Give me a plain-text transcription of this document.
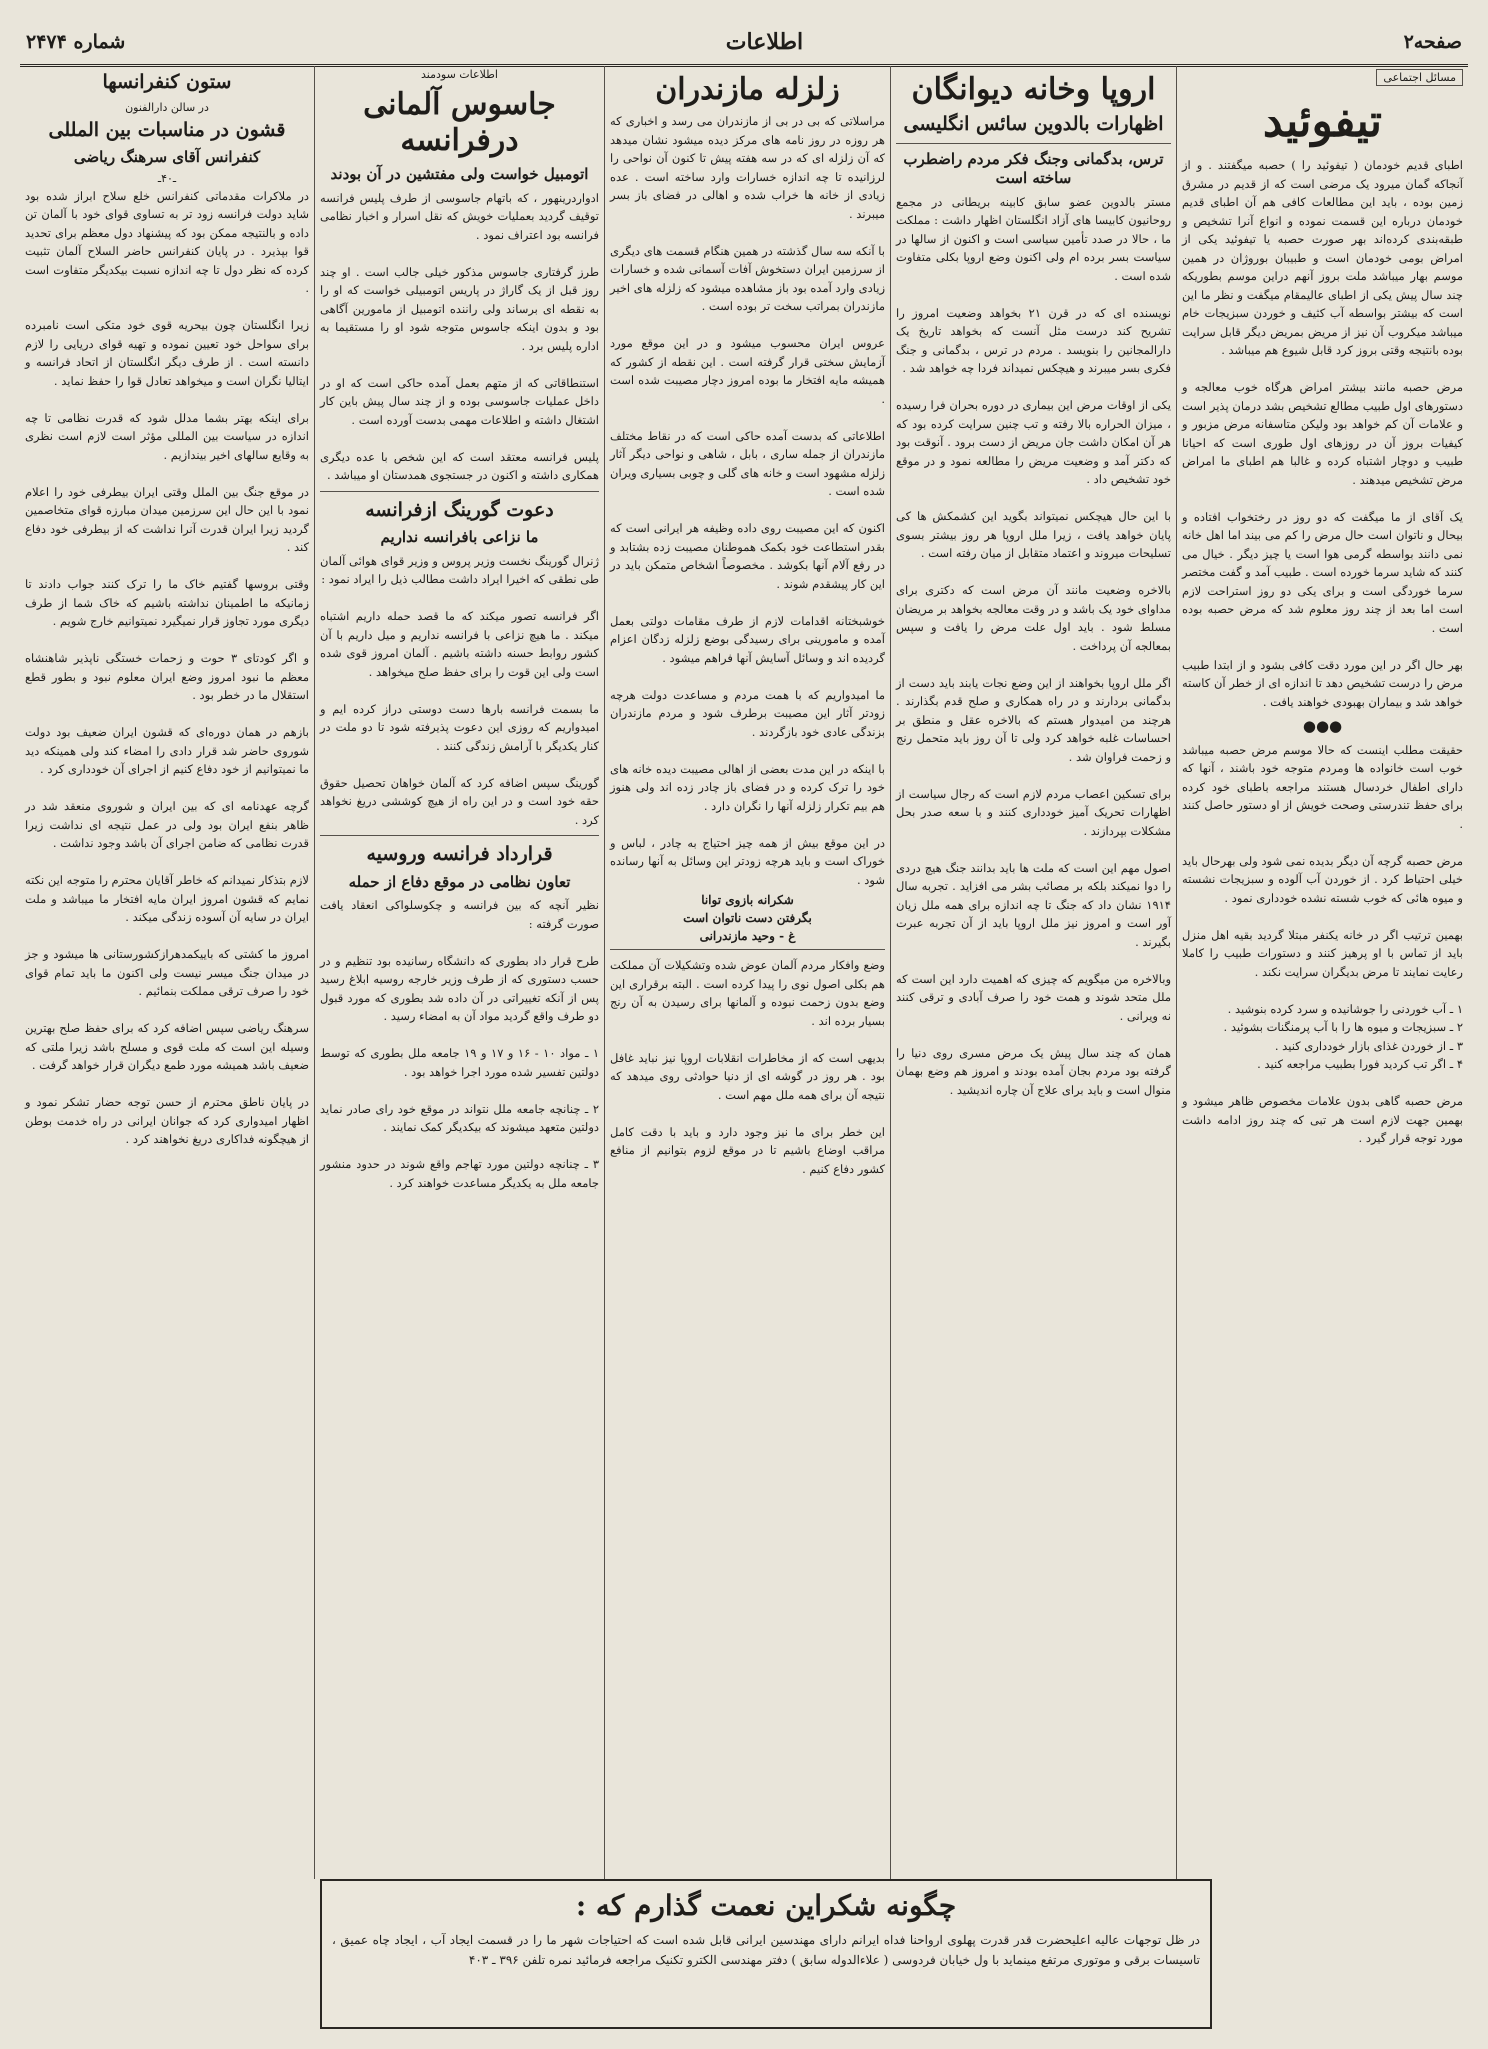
صفحه۲
اطلاعات
شماره ۲۴۷۴
مسائل اجتماعی
تیفوئید

اطبای قدیم خودمان ( تیفوئید را ) حصبه میگفتند . و از آنجاکه گمان میرود یک مرضی است که از قدیم در مشرق زمین بوده ، باید این مطالعات کافی هم آن اطبای قدیم خودمان درباره این قسمت نموده و انواع آنرا تشخیص و طبقه‌بندی کرده‌اند بهر صورت حصبه یا تیفوئید یکی از امراض بومی خودمان است و طبیبان بوروژان در همین موسم بهار میباشد ملت بروز آنهم دراین موسم بطوریکه چند سال پیش یکی از اطبای عالیمقام میگفت و نظر ما این است که بیشتر بواسطه آب کثیف و خوردن سبزیجات خام میباشد میکروب آن نیز از مریض بمریض دیگر قابل سرایت بوده بانتیجه وقتی بروز کرد قابل شیوع هم میباشد .

مرض حصبه مانند بیشتر امراض هرگاه خوب معالجه و دستورهای اول طبیب مطالع تشخیص بشد درمان پذیر است و علامات آن کم خواهد بود ولیکن متاسفانه مرض مزبور و کیفیات بروز آن در روزهای اول طوری است که احیانا طبیب و دوچار اشتباه کرده و غالبا هم اطبای ما امراض مرض تشخیص میدهند .

یک آقای از ما میگفت که دو روز در رختخواب افتاده و بیحال و ناتوان است حال مرض را کم می بیند اما اهل خانه نمی دانند بواسطه گرمی هوا است یا چیز دیگر . خیال می کنند که شاید سرما خورده است . طبیب آمد و گفت مختصر سرما خوردگی است و برای یکی دو روز استراحت لازم است اما بعد از چند روز معلوم شد که مرض حصبه بوده است .

بهر حال اگر در این مورد دقت کافی بشود و از ابتدا طبیب مرض را درست تشخیص دهد تا اندازه ای از خطر آن کاسته خواهد شد و بیماران بهبودی خواهند یافت .

●●●

حقیقت مطلب اینست که حالا موسم مرض حصبه میباشد خوب است خانواده ها ومردم متوجه خود باشند ، آنها که دارای اطفال خردسال هستند مراجعه باطبای خود کرده برای حفظ تندرستی وصحت خویش از او دستور حاصل کنند .

مرض حصبه گرچه آن دیگر بدیده نمی شود ولی بهرحال باید خیلی احتیاط کرد . از خوردن آب آلوده و سبزیجات نشسته و میوه هائی که خوب شسته نشده خودداری نمود .

بهمین ترتیب اگر در خانه یکنفر مبتلا گردید بقیه اهل منزل باید از تماس با او پرهیز کنند و دستورات طبیب را کاملا رعایت نمایند تا مرض بدیگران سرایت نکند .

۱ ـ آب خوردنی را جوشانیده و سرد کرده بنوشید .
۲ ـ سبزیجات و میوه ها را با آب پرمنگنات بشوئید .
۳ ـ از خوردن غذای بازار خودداری کنید .
۴ ـ اگر تب کردید فورا بطبیب مراجعه کنید .

مرض حصبه گاهی بدون علامات مخصوص ظاهر میشود و بهمین جهت لازم است هر تبی که چند روز ادامه داشت مورد توجه قرار گیرد .

اروپا وخانه دیوانگان
اظهارات بالدوین سائس انگلیسی
ترس، بدگمانی وجنگ فکر مردم راضطرب ساخته است

مستر بالدوین عضو سابق کابینه بریطانی در مجمع روحانیون کابیسا های آزاد انگلستان اظهار داشت : مملکت ما ، حالا در صدد تأمین سیاسی است و اکنون از سالها در سیاست بسر برده ام ولی اکنون وضع اروپا بکلی متفاوت شده است .

نویسنده ای که در قرن ۲۱ بخواهد وضعیت امروز را تشریح کند درست مثل آنست که بخواهد تاریخ یک دارالمجانین را بنویسد . مردم در ترس ، بدگمانی و جنگ فکری بسر میبرند و هیچکس نمیداند فردا چه خواهد شد .

یکی از اوقات مرض این بیماری در دوره بحران فرا رسیده ، میزان الحراره بالا رفته و تب چنین سرایت کرده بود که هر آن امکان داشت جان مریض از دست برود . آنوقت بود که دکتر آمد و وضعیت مریض را مطالعه نمود و در موقع خود تشخیص داد .

با این حال هیچکس نمیتواند بگوید این کشمکش ها کی پایان خواهد یافت ، زیرا ملل اروپا هر روز بیشتر بسوی تسلیحات میروند و اعتماد متقابل از میان رفته است .

بالاخره وضعیت مانند آن مرض است که دکتری برای مداوای خود یک باشد و در وقت معالجه بخواهد بر مریضان مسلط شود . باید اول علت مرض را یافت و سپس بمعالجه آن پرداخت .

اگر ملل اروپا بخواهند از این وضع نجات یابند باید دست از بدگمانی بردارند و در راه همکاری و صلح قدم بگذارند . هرچند من امیدوار هستم که بالاخره عقل و منطق بر احساسات غلبه خواهد کرد ولی تا آن روز باید متحمل رنج و زحمت فراوان شد .

برای تسکین اعصاب مردم لازم است که رجال سیاست از اظهارات تحریک آمیز خودداری کنند و با سعه صدر بحل مشکلات بپردازند .

اصول مهم این است که ملت ها باید بدانند جنگ هیچ دردی را دوا نمیکند بلکه بر مصائب بشر می افزاید . تجربه سال ۱۹۱۴ نشان داد که جنگ تا چه اندازه برای همه ملل زیان آور است و امروز نیز ملل اروپا باید از آن تجربه عبرت بگیرند .

وبالاخره من میگویم که چیزی که اهمیت دارد این است که ملل متحد شوند و همت خود را صرف آبادی و ترقی کنند نه ویرانی .

همان که چند سال پیش یک مرض مسری روی دنیا را گرفته بود مردم بجان آمده بودند و امروز هم وضع بهمان منوال است و باید برای علاج آن چاره اندیشید .

زلزله مازندران

مراسلاتی که بی در بی از مازندران می رسد و اخباری که هر روزه در روز نامه های مرکز دیده میشود نشان میدهد که آن زلزله ای که در سه هفته پیش تا کنون آن نواحی را لرزانیده تا چه اندازه خسارات وارد ساخته است . عده زیادی از خانه ها خراب شده و اهالی در فضای باز بسر میبرند .

با آنکه سه سال گذشته در همین هنگام قسمت های دیگری از سرزمین ایران دستخوش آفات آسمانی شده و خسارات زیادی وارد آمده بود باز مشاهده میشود که زلزله های اخیر مازندران بمراتب سخت تر بوده است .

عروس ایران محسوب میشود و در این موقع مورد آزمایش سختی قرار گرفته است . این نقطه از کشور که همیشه مایه افتخار ما بوده امروز دچار مصیبت شده است .

اطلاعاتی که بدست آمده حاکی است که در نقاط مختلف مازندران از جمله ساری ، بابل ، شاهی و نواحی دیگر آثار زلزله مشهود است و خانه های گلی و چوبی بسیاری ویران شده است .

اکنون که این مصیبت روی داده وظیفه هر ایرانی است که بقدر استطاعت خود بکمک هموطنان مصیبت زده بشتابد و در رفع آلام آنها بکوشد . مخصوصاً اشخاص متمکن باید در این کار پیشقدم شوند .

خوشبختانه اقدامات لازم از طرف مقامات دولتی بعمل آمده و مامورینی برای رسیدگی بوضع زلزله زدگان اعزام گردیده اند و وسائل آسایش آنها فراهم میشود .

ما امیدواریم که با همت مردم و مساعدت دولت هرچه زودتر آثار این مصیبت برطرف شود و مردم مازندران بزندگی عادی خود بازگردند .

با اینکه در این مدت بعضی از اهالی مصیبت دیده خانه های خود را ترک کرده و در فضای باز چادر زده اند ولی هنوز هم بیم تکرار زلزله آنها را نگران دارد .

در این موقع بیش از همه چیز احتیاج به چادر ، لباس و خوراک است و باید هرچه زودتر این وسائل به آنها رسانده شود .

شکرانه بازوی توانا
بگرفتن دست ناتوان است
غ - وحید مازندرانی

وضع وافکار مردم آلمان عوض شده وتشکیلات آن مملکت هم بکلی اصول نوی را پیدا کرده است . البته برقراری این وضع بدون زحمت نبوده و آلمانها برای رسیدن به آن رنج بسیار برده اند .

بدیهی است که از مخاطرات انقلابات اروپا نیز نباید غافل بود . هر روز در گوشه ای از دنیا حوادثی روی میدهد که نتیجه آن برای همه ملل مهم است .

این خطر برای ما نیز وجود دارد و باید با دقت کامل مراقب اوضاع باشیم تا در موقع لزوم بتوانیم از منافع کشور دفاع کنیم .

اطلاعات سودمند
جاسوس آلمانی درفرانسه
اتومبیل خواست ولی مفتشین در آن بودند

ادواردرینهور ، که باتهام جاسوسی از طرف پلیس فرانسه توقیف گردید بعملیات خویش که نقل اسرار و اخبار نظامی فرانسه بود اعتراف نمود .

طرز گرفتاری جاسوس مذکور خیلی جالب است . او چند روز قبل از یک گاراژ در پاریس اتومبیلی خواست که او را به نقطه ای برساند ولی راننده اتومبیل از مامورین آگاهی بود و بدون اینکه جاسوس متوجه شود او را مستقیما به اداره پلیس برد .

استنطاقاتی که از متهم بعمل آمده حاکی است که او در داخل عملیات جاسوسی بوده و از چند سال پیش باین کار اشتغال داشته و اطلاعات مهمی بدست آورده است .

پلیس فرانسه معتقد است که این شخص با عده دیگری همکاری داشته و اکنون در جستجوی همدستان او میباشد .

دعوت گورینگ ازفرانسه
ما نزاعی بافرانسه نداریم

ژنرال گورینگ نخست وزیر پروس و وزیر قوای هوائی آلمان طی نطقی که اخیرا ایراد داشت مطالب ذیل را ایراد نمود :

اگر فرانسه تصور میکند که ما قصد حمله داریم اشتباه میکند . ما هیچ نزاعی با فرانسه نداریم و میل داریم با آن کشور روابط حسنه داشته باشیم . آلمان امروز قوی شده است ولی این قوت را برای حفظ صلح میخواهد .

ما بسمت فرانسه بارها دست دوستی دراز کرده ایم و امیدواریم که روزی این دعوت پذیرفته شود تا دو ملت در کنار یکدیگر با آرامش زندگی کنند .

گورینگ سپس اضافه کرد که آلمان خواهان تحصیل حقوق حقه خود است و در این راه از هیچ کوششی دریغ نخواهد کرد .

قرارداد فرانسه وروسیه
تعاون نظامی در موقع دفاع از حمله

نظیر آنچه که بین فرانسه و چکوسلواکی انعقاد یافت صورت گرفته :

طرح قرار داد بطوری که دانشگاه رسانیده بود تنظیم و در حسب دستوری که از طرف وزیر خارجه روسیه ابلاغ رسید پس از آنکه تغییراتی در آن داده شد بطوری که مورد قبول دو طرف واقع گردید مواد آن به امضاء رسید .

۱ ـ مواد ۱۰ - ۱۶ و ۱۷ و ۱۹ جامعه ملل بطوری که توسط دولتین تفسیر شده مورد اجرا خواهد بود .

۲ ـ چنانچه جامعه ملل نتواند در موقع خود رای صادر نماید دولتین متعهد میشوند که بیکدیگر کمک نمایند .

۳ ـ چنانچه دولتین مورد تهاجم واقع شوند در حدود منشور جامعه ملل به یکدیگر مساعدت خواهند کرد .

ستون کنفرانسها
در سالن دارالفنون
قشون در مناسبات بین المللی
کنفرانس آقای سرهنگ ریاضی
ـ۴۰ـ

در ملاکرات مقدماتی کنفرانس خلع سلاح ابراز شده بود شاید دولت فرانسه زود تر به تساوی قوای خود با آلمان تن داده و بالنتیجه ممکن بود که پیشنهاد دول معظم برای تحدید قوا بپذیرد . در پایان کنفرانس حاضر السلاح آلمان تثبیت کرده که نظر دول تا چه اندازه نسبت بیکدیگر متفاوت است .

زیرا انگلستان چون بیحریه قوی خود متکی است نامبرده برای سواحل خود تعیین نموده و تهیه قوای دریایی را لازم دانسته است . از طرف دیگر انگلستان از اتحاد فرانسه و ایتالیا نگران است و میخواهد تعادل قوا را حفظ نماید .

برای اینکه بهتر بشما مدلل شود که قدرت نظامی تا چه اندازه در سیاست بین المللی مؤثر است لازم است نظری به وقایع سالهای اخیر بیندازیم .

در موقع جنگ بین الملل وقتی ایران بیطرفی خود را اعلام نمود با این حال این سرزمین میدان مبارزه قوای متخاصمین گردید زیرا ایران قدرت آنرا نداشت که از بیطرفی خود دفاع کند .

وقتی بروسها گفتیم خاک ما را ترک کنند جواب دادند تا زمانیکه ما اطمینان نداشته باشیم که خاک شما از طرف دیگری مورد تجاوز قرار نمیگیرد نمیتوانیم خارج شویم .

و اگر کودتای ۳ حوت و زحمات خستگی ناپذیر شاهنشاه معظم ما نبود امروز وضع ایران معلوم نبود و بطور قطع استقلال ما در خطر بود .

بازهم در همان دوره‌ای که قشون ایران ضعیف بود دولت شوروی حاضر شد قرار دادی را امضاء کند ولی همینکه دید ما نمیتوانیم از خود دفاع کنیم از اجرای آن خودداری کرد .

گرچه عهدنامه ای که بین ایران و شوروی منعقد شد در ظاهر بنفع ایران بود ولی در عمل نتیجه ای نداشت زیرا قدرت نظامی که ضامن اجرای آن باشد وجود نداشت .

لازم بتذکار نمیدانم که خاطر آقایان محترم را متوجه این نکته نمایم که قشون امروز ایران مایه افتخار ما میباشد و ملت ایران در سایه آن آسوده زندگی میکند .

امروز ما کشتی که باییکمدهرازکشورستانی ها میشود و جز در میدان جنگ میسر نیست ولی اکنون ما باید تمام قوای خود را صرف ترقی مملکت بنمائیم .

سرهنگ ریاضی سپس اضافه کرد که برای حفظ صلح بهترین وسیله این است که ملت قوی و مسلح باشد زیرا ملتی که ضعیف باشد همیشه مورد طمع دیگران قرار خواهد گرفت .

در پایان ناطق محترم از حسن توجه حضار تشکر نمود و اظهار امیدواری کرد که جوانان ایرانی در راه خدمت بوطن از هیچگونه فداکاری دریغ نخواهند کرد .

چگونه شکراین نعمت گذارم که :
در ظل توجهات عالیه اعلیحضرت قدر قدرت پهلوی ارواحنا فداه ایرانم دارای مهندسین ایرانی قابل شده است که احتیاجات شهر ما را در قسمت ایجاد آب ، ایجاد چاه عمیق ، تاسیسات برقی و موتوری مرتفع مینماید با ول خیابان فردوسی ( علاءالدوله سابق ) دفتر مهندسی الکترو تکنیک مراجعه فرمائید نمره تلفن ۳۹۶ ـ ۴۰۳
